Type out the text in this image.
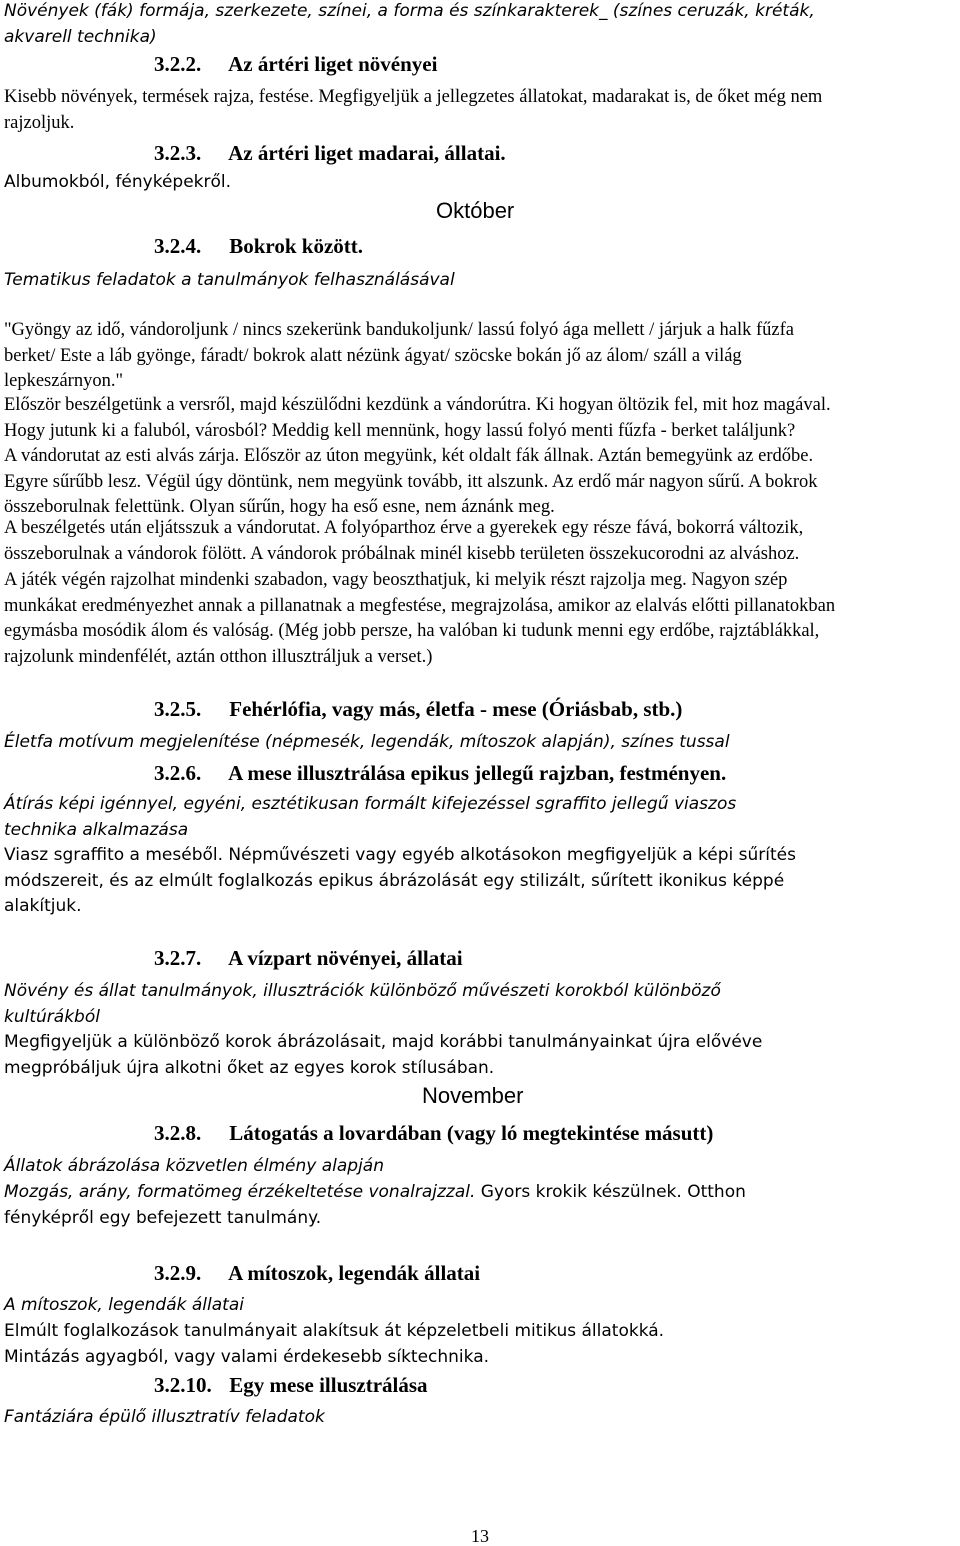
Növények (fák) formája, szerkezete, színei, a forma és színkarakterek_ (színes ceruzák, kréták,
akvarell technika)
3.2.2. Az ártéri liget növényei
Kisebb növények, termések rajza, festése. Megfigyeljük a jellegzetes állatokat, madarakat is, de őket még nem
rajzoljuk.
3.2.3. Az ártéri liget madarai, állatai.
Albumokból, fényképekről.
Október
3.2.4. Bokrok között.
Tematikus feladatok a tanulmányok felhasználásával
"Gyöngy az idő, vándoroljunk / nincs szekerünk bandukoljunk/ lassú folyó ága mellett / járjuk a halk fűzfa
berket/ Este a láb gyönge, fáradt/ bokrok alatt nézünk ágyat/ szöcske bokán jő az álom/ száll a világ
lepkeszárnyon."
Először beszélgetünk a versről, majd készülődni kezdünk a vándorútra. Ki hogyan öltözik fel, mit hoz magával.
Hogy jutunk ki a faluból, városból? Meddig kell mennünk, hogy lassú folyó menti fűzfa - berket találjunk?
A vándorutat az esti alvás zárja. Először az úton megyünk, két oldalt fák állnak. Aztán bemegyünk az erdőbe.
Egyre sűrűbb lesz. Végül úgy döntünk, nem megyünk tovább, itt alszunk. Az erdő már nagyon sűrű. A bokrok
összeborulnak felettünk. Olyan sűrűn, hogy ha eső esne, nem áznánk meg.
A beszélgetés után eljátsszuk a vándorutat. A folyóparthoz érve a gyerekek egy része fává, bokorrá változik,
összeborulnak a vándorok fölött. A vándorok próbálnak minél kisebb területen összekucorodni az alváshoz.
A játék végén rajzolhat mindenki szabadon, vagy beoszthatjuk, ki melyik részt rajzolja meg. Nagyon szép
munkákat eredményezhet annak a pillanatnak a megfestése, megrajzolása, amikor az elalvás előtti pillanatokban
egymásba mosódik álom és valóság. (Még jobb persze, ha valóban ki tudunk menni egy erdőbe, rajztáblákkal,
rajzolunk mindenfélét, aztán otthon illusztráljuk a verset.)
3.2.5. Fehérlófia, vagy más, életfa - mese (Óriásbab, stb.)
Életfa motívum megjelenítése (népmesék, legendák, mítoszok alapján), színes tussal
3.2.6. A mese illusztrálása epikus jellegű rajzban, festményen.
Átírás képi igénnyel, egyéni, esztétikusan formált kifejezéssel sgraffito jellegű viaszos
technika alkalmazása
Viasz sgraffito a meséből. Népművészeti vagy egyéb alkotásokon megfigyeljük a képi sűrítés
módszereit, és az elmúlt foglalkozás epikus ábrázolását egy stilizált, sűrített ikonikus képpé
alakítjuk.
3.2.7. A vízpart növényei, állatai
Növény és állat tanulmányok, illusztrációk különböző művészeti korokból különböző
kultúrákból
Megfigyeljük a különböző korok ábrázolásait, majd korábbi tanulmányainkat újra elővéve
megpróbáljuk újra alkotni őket az egyes korok stílusában.
November
3.2.8. Látogatás a lovardában (vagy ló megtekintése másutt)
Állatok ábrázolása közvetlen élmény alapján
Mozgás, arány, formatömeg érzékeltetése vonalrajzzal. Gyors krokik készülnek. Otthon
fényképről egy befejezett tanulmány.
3.2.9. A mítoszok, legendák állatai
A mítoszok, legendák állatai
Elmúlt foglalkozások tanulmányait alakítsuk át képzeletbeli mitikus állatokká.
Mintázás agyagból, vagy valami érdekesebb síktechnika.
3.2.10. Egy mese illusztrálása
Fantáziára épülő illusztratív feladatok
13
